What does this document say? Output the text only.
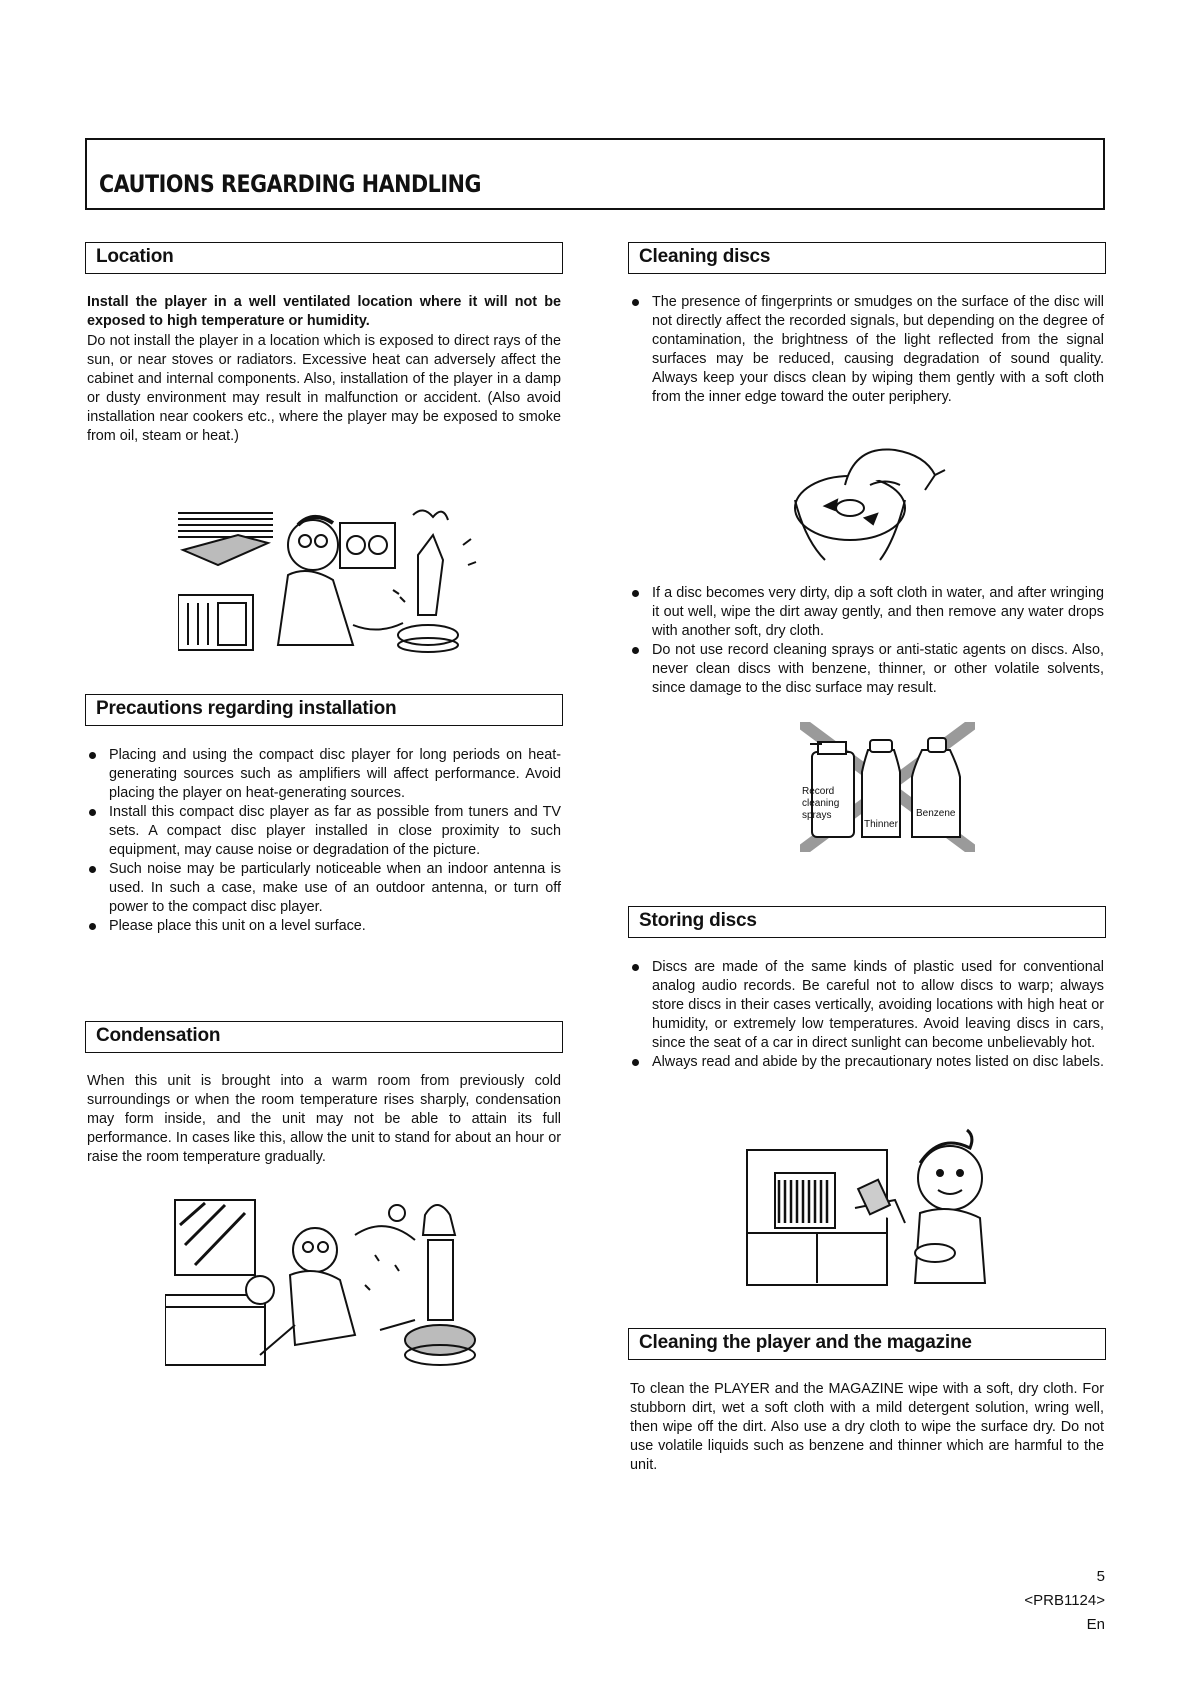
CAUTIONS REGARDING HANDLING
Location

Install the player in a well ventilated location where it will not be exposed to high temperature or humidity.
Do not install the player in a location which is exposed to direct rays of the sun, or near stoves or radiators. Excessive heat can adversely affect the cabinet and internal components. Also, installation of the player in a damp or dusty environment may result in malfunction or accident. (Also avoid installation near cookers etc., where the player may be exposed to smoke from oil, steam or heat.)

Precautions regarding installation
Placing and using the compact disc player for long periods on heat-generating sources such as amplifiers will affect performance. Avoid placing the player on heat-generating sources.
Install this compact disc player as far as possible from tuners and TV sets. A compact disc player installed in close proximity to such equipment, may cause noise or degradation of the picture.
Such noise may be particularly noticeable when an indoor antenna is used. In such a case, make use of an outdoor antenna, or turn off power to the compact disc player.
Please place this unit on a level surface.
Condensation

When this unit is brought into a warm room from previously cold surroundings or when the room temperature rises sharply, condensation may form inside, and the unit may not be able to attain its full performance. In cases like this, allow the unit to stand for about an hour or raise the room temperature gradually.

Cleaning discs
The presence of fingerprints or smudges on the surface of the disc will not directly affect the recorded signals, but depending on the degree of contamination, the brightness of the light reflected from the signal surfaces may be reduced, causing degradation of sound quality. Always keep your discs clean by wiping them gently with a soft cloth from the inner edge toward the outer periphery.
If a disc becomes very dirty, dip a soft cloth in water, and after wringing it out well, wipe the dirt away gently, and then remove any water drops with another soft, dry cloth.
Do not use record cleaning sprays or anti-static agents on discs. Also, never clean discs with benzene, thinner, or other volatile solvents, since damage to the disc surface may result.
Record
cleaning
sprays
Thinner
Benzene
Storing discs
Discs are made of the same kinds of plastic used for conventional analog audio records. Be careful not to allow discs to warp; always store discs in their cases vertically, avoiding locations with high heat or humidity, or extremely low temperatures. Avoid leaving discs in cars, since the seat of a car in direct sunlight can become unbelievably hot.
Always read and abide by the precautionary notes listed on disc labels.
Cleaning the player and the magazine

To clean the PLAYER and the MAGAZINE wipe with a soft, dry cloth. For stubborn dirt, wet a soft cloth with a mild detergent solution, wring well, then wipe off the dirt. Also use a dry cloth to wipe the surface dry. Do not use volatile liquids such as benzene and thinner which are harmful to the unit.

5
<PRB1124>
En
